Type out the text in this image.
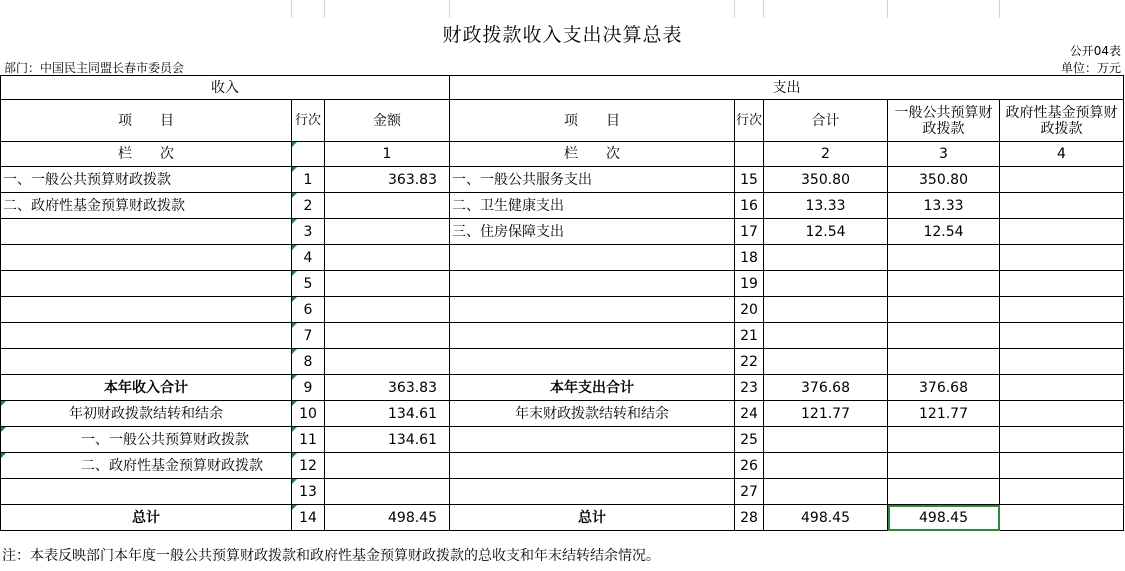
财政拨款收入支出决算总表
公开04表
部门：中国民主同盟长春市委员会	单位：万元
收入			支出				
项　　目	行次	金额	项　　目	行次	合计	一般公共预算财政拨款	政府性基金预算财政拨款
栏　　次		1	栏　　次		2	3	4
一、一般公共预算财政拨款	1	363.83	一、一般公共服务支出	15	350.80	350.80	
二、政府性基金预算财政拨款	2		二、卫生健康支出	16	13.33	13.33	
	3		三、住房保障支出	17	12.54	12.54	
	4			18			
	5			19			
	6			20			
	7			21			
	8			22			
本年收入合计	9	363.83	本年支出合计	23	376.68	376.68	
年初财政拨款结转和结余	10	134.61	年末财政拨款结转和结余	24	121.77	121.77	
一、一般公共预算财政拨款	11	134.61		25			
二、政府性基金预算财政拨款	12			26			
	13			27			
总计	14	498.45	总计	28	498.45	498.45	
注：本表反映部门本年度一般公共预算财政拨款和政府性基金预算财政拨款的总收支和年末结转结余情况。
